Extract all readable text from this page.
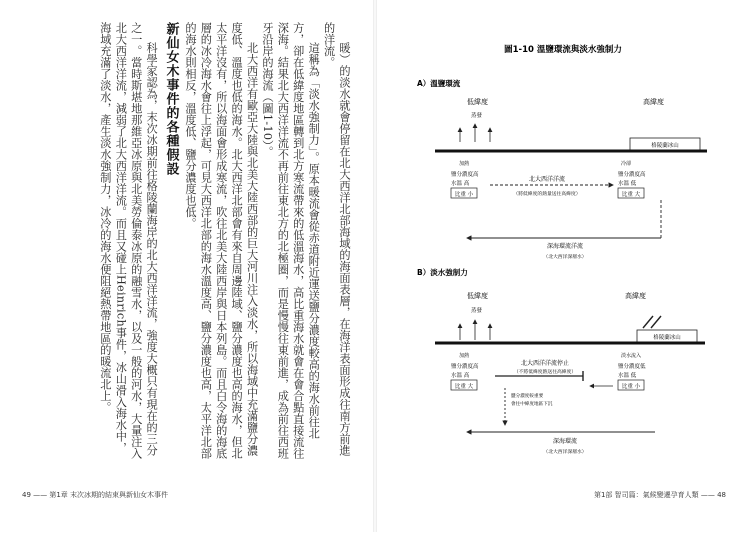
暖）的淡水就會停留在北大西洋北部海域的海面表層，在海洋表面形成往南方前進的洋流。

這稱為「淡水強制力」。原本暖流會從赤道附近運送鹽分濃度較高的海水前往北方，卻在低緯度地區轉到北方寒流帶來的低溫海水，高比重海水就會在會合點直接流往深海。結果北大西洋洋流不再前往東北方的北極圈，而是慢慢往東前進，成為前往西班牙沿岸的海流（圖1-10）。

北大西洋有歐亞大陸與北美大陸西部的巨大河川注入淡水，所以海域中充滿鹽分濃度低、溫度也低的海水。北大西洋北部會有來自周邊陸域、鹽分濃度也高的海水，但北太平洋沒有，所以海面會形成寒流，吹往北美大陸西岸與日本列島。而且白令海的海底層的冰冷海水會往上浮起，可見大西洋北部的海水溫度高、鹽分濃度也高，太平洋北部的海水則相反，溫度低、鹽分濃度也低。

新仙女木事件的各種假設

科學家認為，末次冰期前往格陵蘭海岸的北大西洋洋流，強度大概只有現在的三分之一。當時斯堪地那維亞冰原與北美勞倫泰冰原的融雪水，以及一般的河水，大量注入北大西洋洋流，減弱了北大西洋洋流。而且又碰上Heinrich事件，冰山滑入海水中，海域充滿了淡水，產生淡水強制力，冰冷的海水便阻絕熱帶地區的暖流北上。

49 —— 第1章 末次冰期的結束與新仙女木事件
圖1-10 溫鹽環流與淡水強制力
A）溫鹽環流
低緯度	高緯度
蒸發
格陵蘭冰山
加熱	冷卻
鹽分濃度高
水溫 高
比重 小
鹽分濃度高
水溫 低
比重 大
北大西洋洋流
（將低緯度的熱量送往高緯度）
深海環流洋流
（北大西洋深層水）
B）淡水強制力
低緯度	高緯度
蒸發
格陵蘭冰山
加熱	淡水流入
鹽分濃度高
水溫 高
比重 大
鹽分濃度低
水溫 低
比重 小
北大西洋洋流停止
（不將低緯度熱送往高緯度）
鹽分濃度較重要
會往中緯度地區下沉
深海環流
（北大西洋深層水）
第1部 智司篇：氣候變遷孕育人類 —— 48
